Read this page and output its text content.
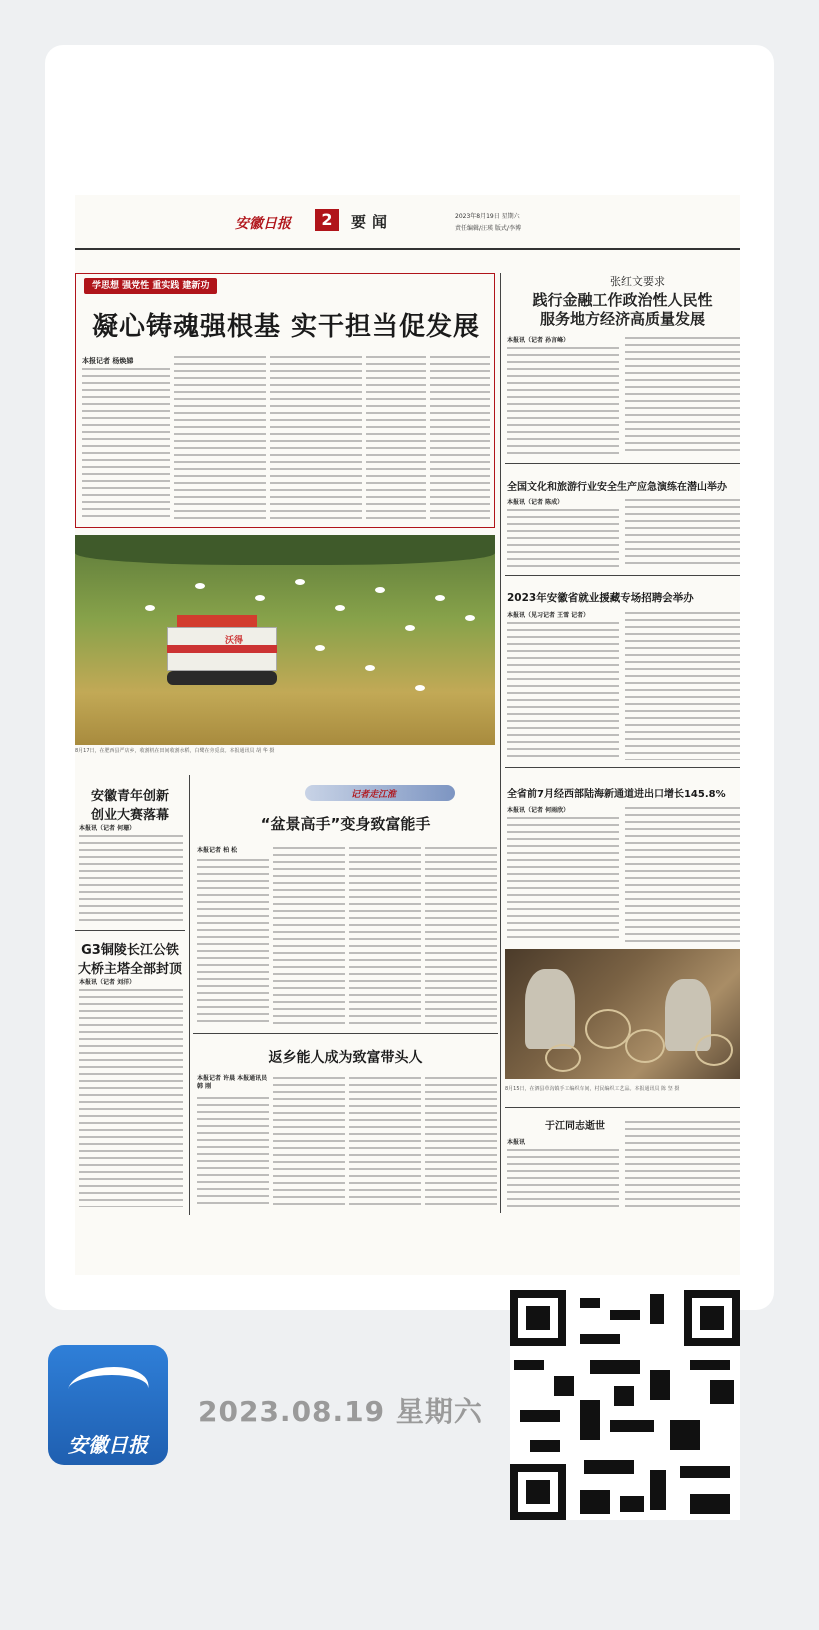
安徽日报	2	要闻	2023年8月19日 星期六
责任编辑/汪瑛 版式/李博
学思想 强党性 重实践 建新功
凝心铸魂强根基 实干担当促发展
本报记者 杨焕娣
沃得
8月17日，在肥西县严店乡，收割机在田间收割水稻，白鹭在旁觅食。本报通讯员 胡 华 摄
张红文要求
践行金融工作政治性人民性
服务地方经济高质量发展
本报讯（记者 孙言峰）
全国文化和旅游行业安全生产应急演练在潜山举办
本报讯（记者 陈成）
2023年安徽省就业援藏专场招聘会举办
本报讯（见习记者 王雪 记者）
全省前7月经西部陆海新通道进出口增长145.8%
本报讯（记者 何雨欣）
8月15日，在泗县草沟镇手工编织车间，村民编织工艺品。本报通讯员 陈 坚 摄
于江同志逝世
本报讯
安徽青年创新
创业大赛落幕
本报讯（记者 何珊）
G3铜陵长江公铁
大桥主塔全部封顶
本报讯（记者 刘洋）
记者走江淮
“盆景高手”变身致富能手
本报记者 柏 松
返乡能人成为致富带头人
本报记者 许晨 本报通讯员 韩 刚
安徽日报
2023.08.19 星期六
